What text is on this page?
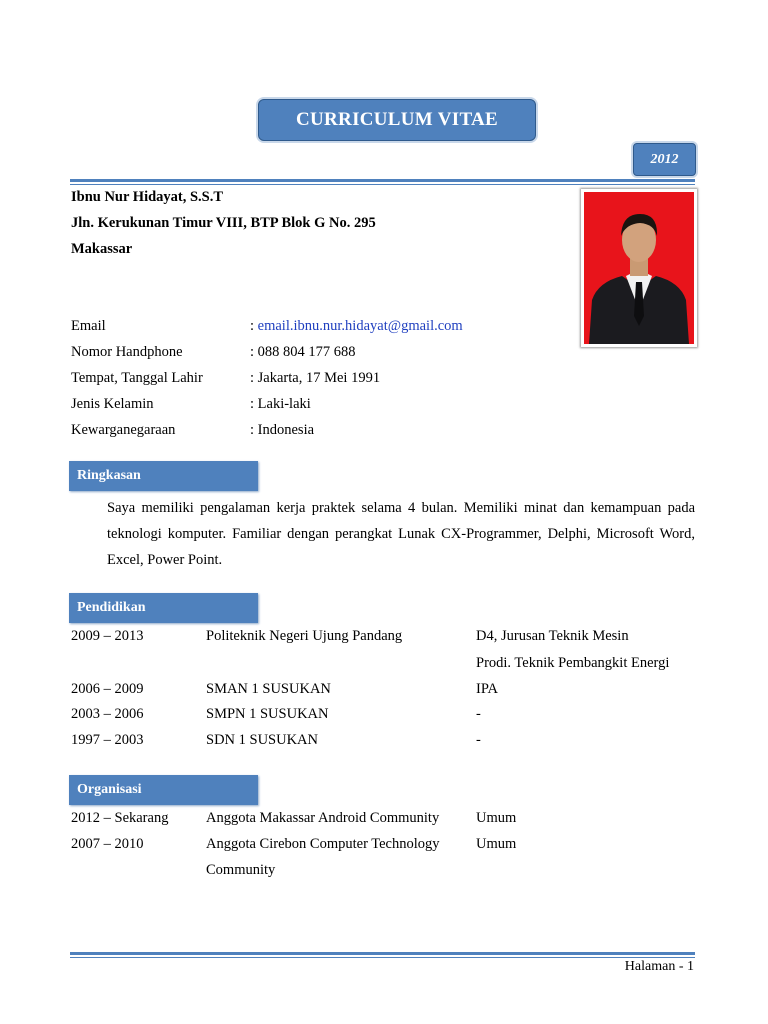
CURRICULUM VITAE
2012
Ibnu Nur Hidayat, S.S.T
Jln. Kerukunan Timur VIII, BTP Blok G No. 295
Makassar
Email	: email.ibnu.nur.hidayat@gmail.com
Nomor Handphone	: 088 804 177 688
Tempat, Tanggal Lahir	: Jakarta, 17 Mei 1991
Jenis Kelamin	: Laki-laki
Kewarganegaraan	: Indonesia
Ringkasan
Saya memiliki pengalaman kerja praktek selama 4 bulan. Memiliki minat dan kemampuan pada teknologi komputer. Familiar dengan perangkat Lunak CX-Programmer, Delphi, Microsoft Word, Excel, Power Point.
Pendidikan
2009 – 2013	Politeknik Negeri Ujung Pandang	D4, Jurusan Teknik Mesin
Prodi. Teknik Pembangkit Energi
2006 – 2009	SMAN 1 SUSUKAN	IPA
2003 – 2006	SMPN 1 SUSUKAN	-
1997 – 2003	SDN 1 SUSUKAN	-
Organisasi
2012 – Sekarang	Anggota Makassar Android Community	Umum
2007 – 2010	Anggota Cirebon Computer Technology	Umum
Community
Halaman - 1
